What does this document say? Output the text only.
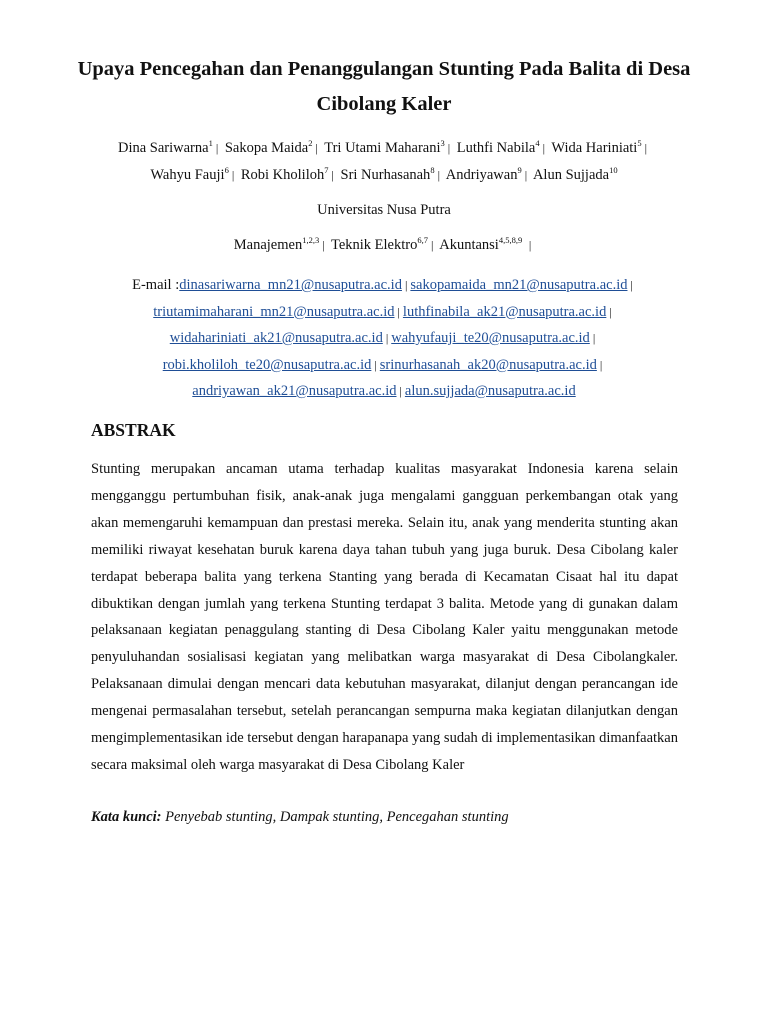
Upaya Pencegahan dan Penanggulangan Stunting Pada Balita di Desa Cibolang Kaler
Dina Sariwarna$^1$ | Sakopa Maida$^2$ | Tri Utami Maharani$^3$ | Luthfi Nabila$^4$ | Wida Hariniati$^5$ |
Wahyu Fauji$^6$ | Robi Kholiloh$^7$ | Sri Nurhasanah$^8$ | Andriyawan$^9$ | Alun Sujjada$^{10}$
Universitas Nusa Putra
Manajemen$^{1,2,3}$ | Teknik Elektro$^{6,7}$ | Akuntansi$^{4,5,8,9}$ |
E-mail :dinasariwarna_mn21@nusaputra.ac.id | sakopamaida_mn21@nusaputra.ac.id |
triutamimaharani_mn21@nusaputra.ac.id | luthfinabila_ak21@nusaputra.ac.id |
widahariniati_ak21@nusaputra.ac.id | wahyufauji_te20@nusaputra.ac.id |
robi.kholiloh_te20@nusaputra.ac.id | srinurhasanah_ak20@nusaputra.ac.id |
andriyawan_ak21@nusaputra.ac.id | alun.sujjada@nusaputra.ac.id
ABSTRAK

Stunting merupakan ancaman utama terhadap kualitas masyarakat Indonesia karena selain mengganggu pertumbuhan fisik, anak-anak juga mengalami gangguan perkembangan otak yang akan memengaruhi kemampuan dan prestasi mereka. Selain itu, anak yang menderita stunting akan memiliki riwayat kesehatan buruk karena daya tahan tubuh yang juga buruk. Desa Cibolang kaler terdapat beberapa balita yang terkena Stanting yang berada di Kecamatan Cisaat hal itu dapat dibuktikan dengan jumlah yang terkena Stunting terdapat 3 balita. Metode yang di gunakan dalam pelaksanaan kegiatan penaggulang stanting di Desa Cibolang Kaler yaitu menggunakan metode penyuluhandan sosialisasi kegiatan yang melibatkan warga masyarakat di Desa Cibolangkaler. Pelaksanaan dimulai dengan mencari data kebutuhan masyarakat, dilanjut dengan perancangan ide mengenai permasalahan tersebut, setelah perancangan sempurna maka kegiatan dilanjutkan dengan mengimplementasikan ide tersebut dengan harapanapa yang sudah di implementasikan dimanfaatkan secara maksimal oleh warga masyarakat di Desa Cibolang Kaler

Kata kunci: Penyebab stunting, Dampak stunting, Pencegahan stunting
